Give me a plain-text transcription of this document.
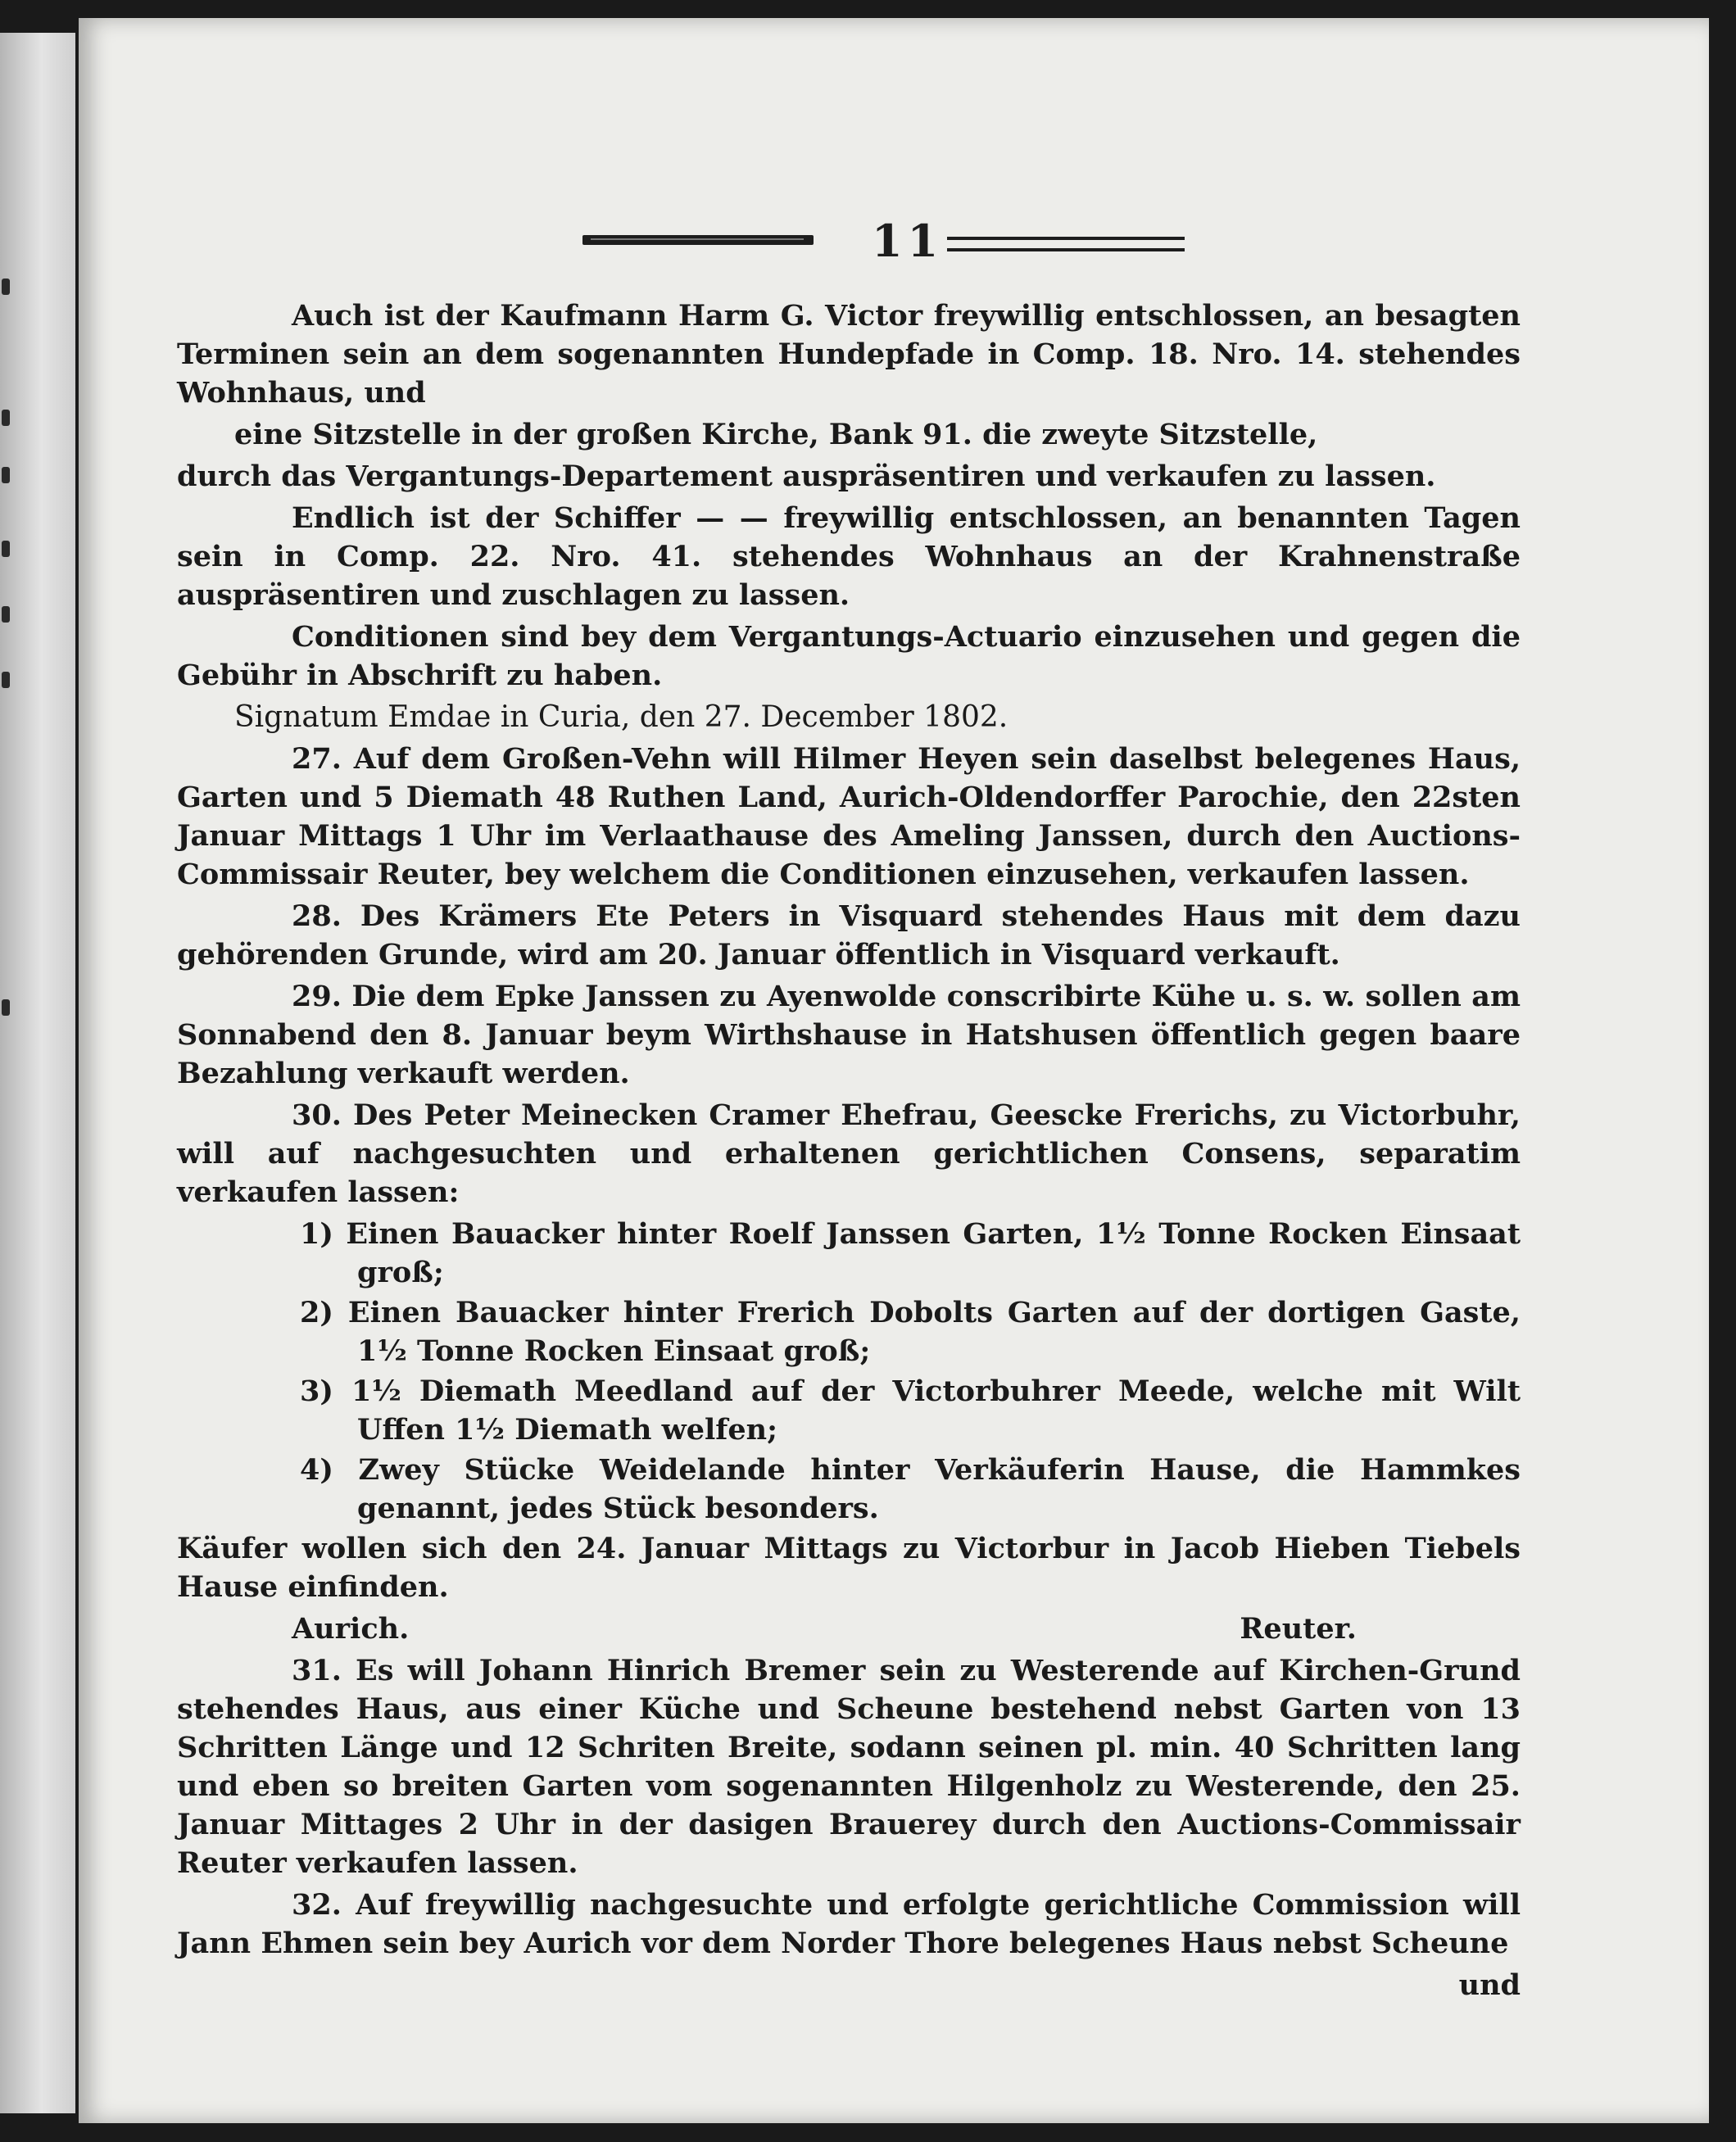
11

Auch ist der Kaufmann Harm G. Victor freywillig entschlossen, an besagten Terminen sein an dem sogenannten Hundepfade in Comp. 18. Nro. 14. stehendes Wohnhaus, und

eine Sitzstelle in der großen Kirche, Bank 91. die zweyte Sitzstelle,

durch das Vergantungs-Departement auspräsentiren und verkaufen zu lassen.

Endlich ist der Schiffer — — freywillig entschlossen, an benannten Tagen sein in Comp. 22. Nro. 41. stehendes Wohnhaus an der Krahnenstraße auspräsentiren und zuschlagen zu lassen.

Conditionen sind bey dem Vergantungs-Actuario einzusehen und gegen die Gebühr in Abschrift zu haben.

Signatum Emdae in Curia, den 27. December 1802.

27. Auf dem Großen-Vehn will Hilmer Heyen sein daselbst belegenes Haus, Garten und 5 Diemath 48 Ruthen Land, Aurich-Oldendorffer Parochie, den 22sten Januar Mittags 1 Uhr im Verlaathause des Ameling Janssen, durch den Auctions-Commissair Reuter, bey welchem die Conditionen einzusehen, verkaufen lassen.

28. Des Krämers Ete Peters in Visquard stehendes Haus mit dem dazu gehörenden Grunde, wird am 20. Januar öffentlich in Visquard verkauft.

29. Die dem Epke Janssen zu Ayenwolde conscribirte Kühe u. s. w. sollen am Sonnabend den 8. Januar beym Wirthshause in Hatshusen öffentlich gegen baare Bezahlung verkauft werden.

30. Des Peter Meinecken Cramer Ehefrau, Geescke Frerichs, zu Victorbuhr, will auf nachgesuchten und erhaltenen gerichtlichen Consens, separatim verkaufen lassen:

1) Einen Bauacker hinter Roelf Janssen Garten, 1½ Tonne Rocken Einsaat groß;

2) Einen Bauacker hinter Frerich Dobolts Garten auf der dortigen Gaste, 1½ Tonne Rocken Einsaat groß;

3) 1½ Diemath Meedland auf der Victorbuhrer Meede, welche mit Wilt Uffen 1½ Diemath welfen;

4) Zwey Stücke Weidelande hinter Verkäuferin Hause, die Hammkes genannt, jedes Stück besonders.

Käufer wollen sich den 24. Januar Mittags zu Victorbur in Jacob Hieben Tiebels Hause einfinden.

Aurich.	Reuter.

31. Es will Johann Hinrich Bremer sein zu Westerende auf Kirchen-Grund stehendes Haus, aus einer Küche und Scheune bestehend nebst Garten von 13 Schritten Länge und 12 Schriten Breite, sodann seinen pl. min. 40 Schritten lang und eben so breiten Garten vom sogenannten Hilgenholz zu Westerende, den 25. Januar Mittages 2 Uhr in der dasigen Brauerey durch den Auctions-Commissair Reuter verkaufen lassen.

32. Auf freywillig nachgesuchte und erfolgte gerichtliche Commission will Jann Ehmen sein bey Aurich vor dem Norder Thore belegenes Haus nebst Scheune

und
